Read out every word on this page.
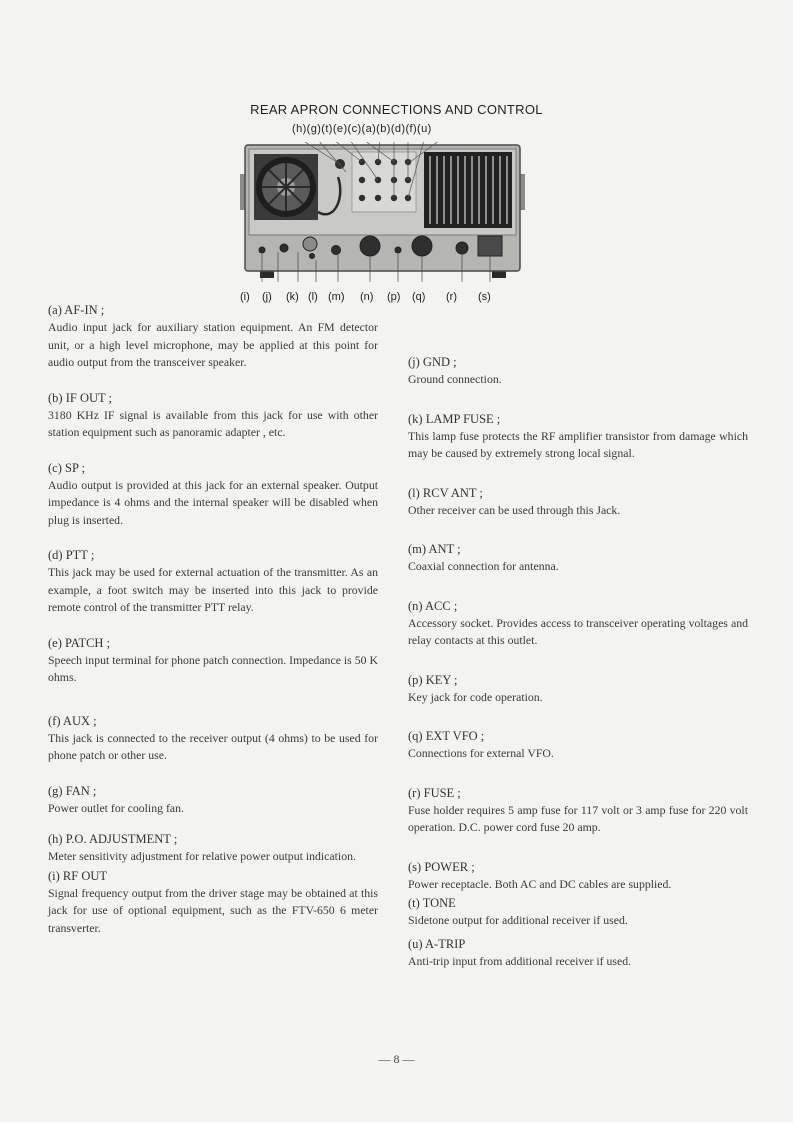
REAR APRON CONNECTIONS AND CONTROL
(h)(g)(t)(e)(c)(a)(b)(d)(f)(u)
(i) (j) (k) (l) (m) (n) (p) (q) (r) (s)
(a) AF-IN ;
Audio input jack for auxiliary station equipment. An FM detector unit, or a high level microphone, may be applied at this point for audio output from the transceiver speaker.
(b) IF OUT ;
3180 KHz IF signal is available from this jack for use with other station equipment such as panoramic adapter , etc.
(c) SP ;
Audio output is provided at this jack for an external speaker. Output impedance is 4 ohms and the internal speaker will be disabled when plug is inserted.
(d) PTT ;
This jack may be used for external actuation of the transmitter. As an example, a foot switch may be inserted into this jack to provide remote control of the transmitter PTT relay.
(e) PATCH ;
Speech input terminal for phone patch connection. Impedance is 50 K ohms.
(f) AUX ;
This jack is connected to the receiver output (4 ohms) to be used for phone patch or other use.
(g) FAN ;
Power outlet for cooling fan.
(h) P.O. ADJUSTMENT ;
Meter sensitivity adjustment for relative power output indication.
(i) RF OUT
Signal frequency output from the driver stage may be obtained at this jack for use of optional equipment, such as the FTV-650 6 meter transverter.
(j) GND ;
Ground connection.
(k) LAMP FUSE ;
This lamp fuse protects the RF amplifier transistor from damage which may be caused by extremely strong local signal.
(l) RCV ANT ;
Other receiver can be used through this Jack.
(m) ANT ;
Coaxial connection for antenna.
(n) ACC ;
Accessory socket. Provides access to transceiver operating voltages and relay contacts at this outlet.
(p) KEY ;
Key jack for code operation.
(q) EXT VFO ;
Connections for external VFO.
(r) FUSE ;
Fuse holder requires 5 amp fuse for 117 volt or 3 amp fuse for 220 volt operation. D.C. power cord fuse 20 amp.
(s) POWER ;
Power receptacle. Both AC and DC cables are supplied.
(t) TONE
Sidetone output for additional receiver if used.
(u) A-TRIP
Anti-trip input from additional receiver if used.
— 8 —
